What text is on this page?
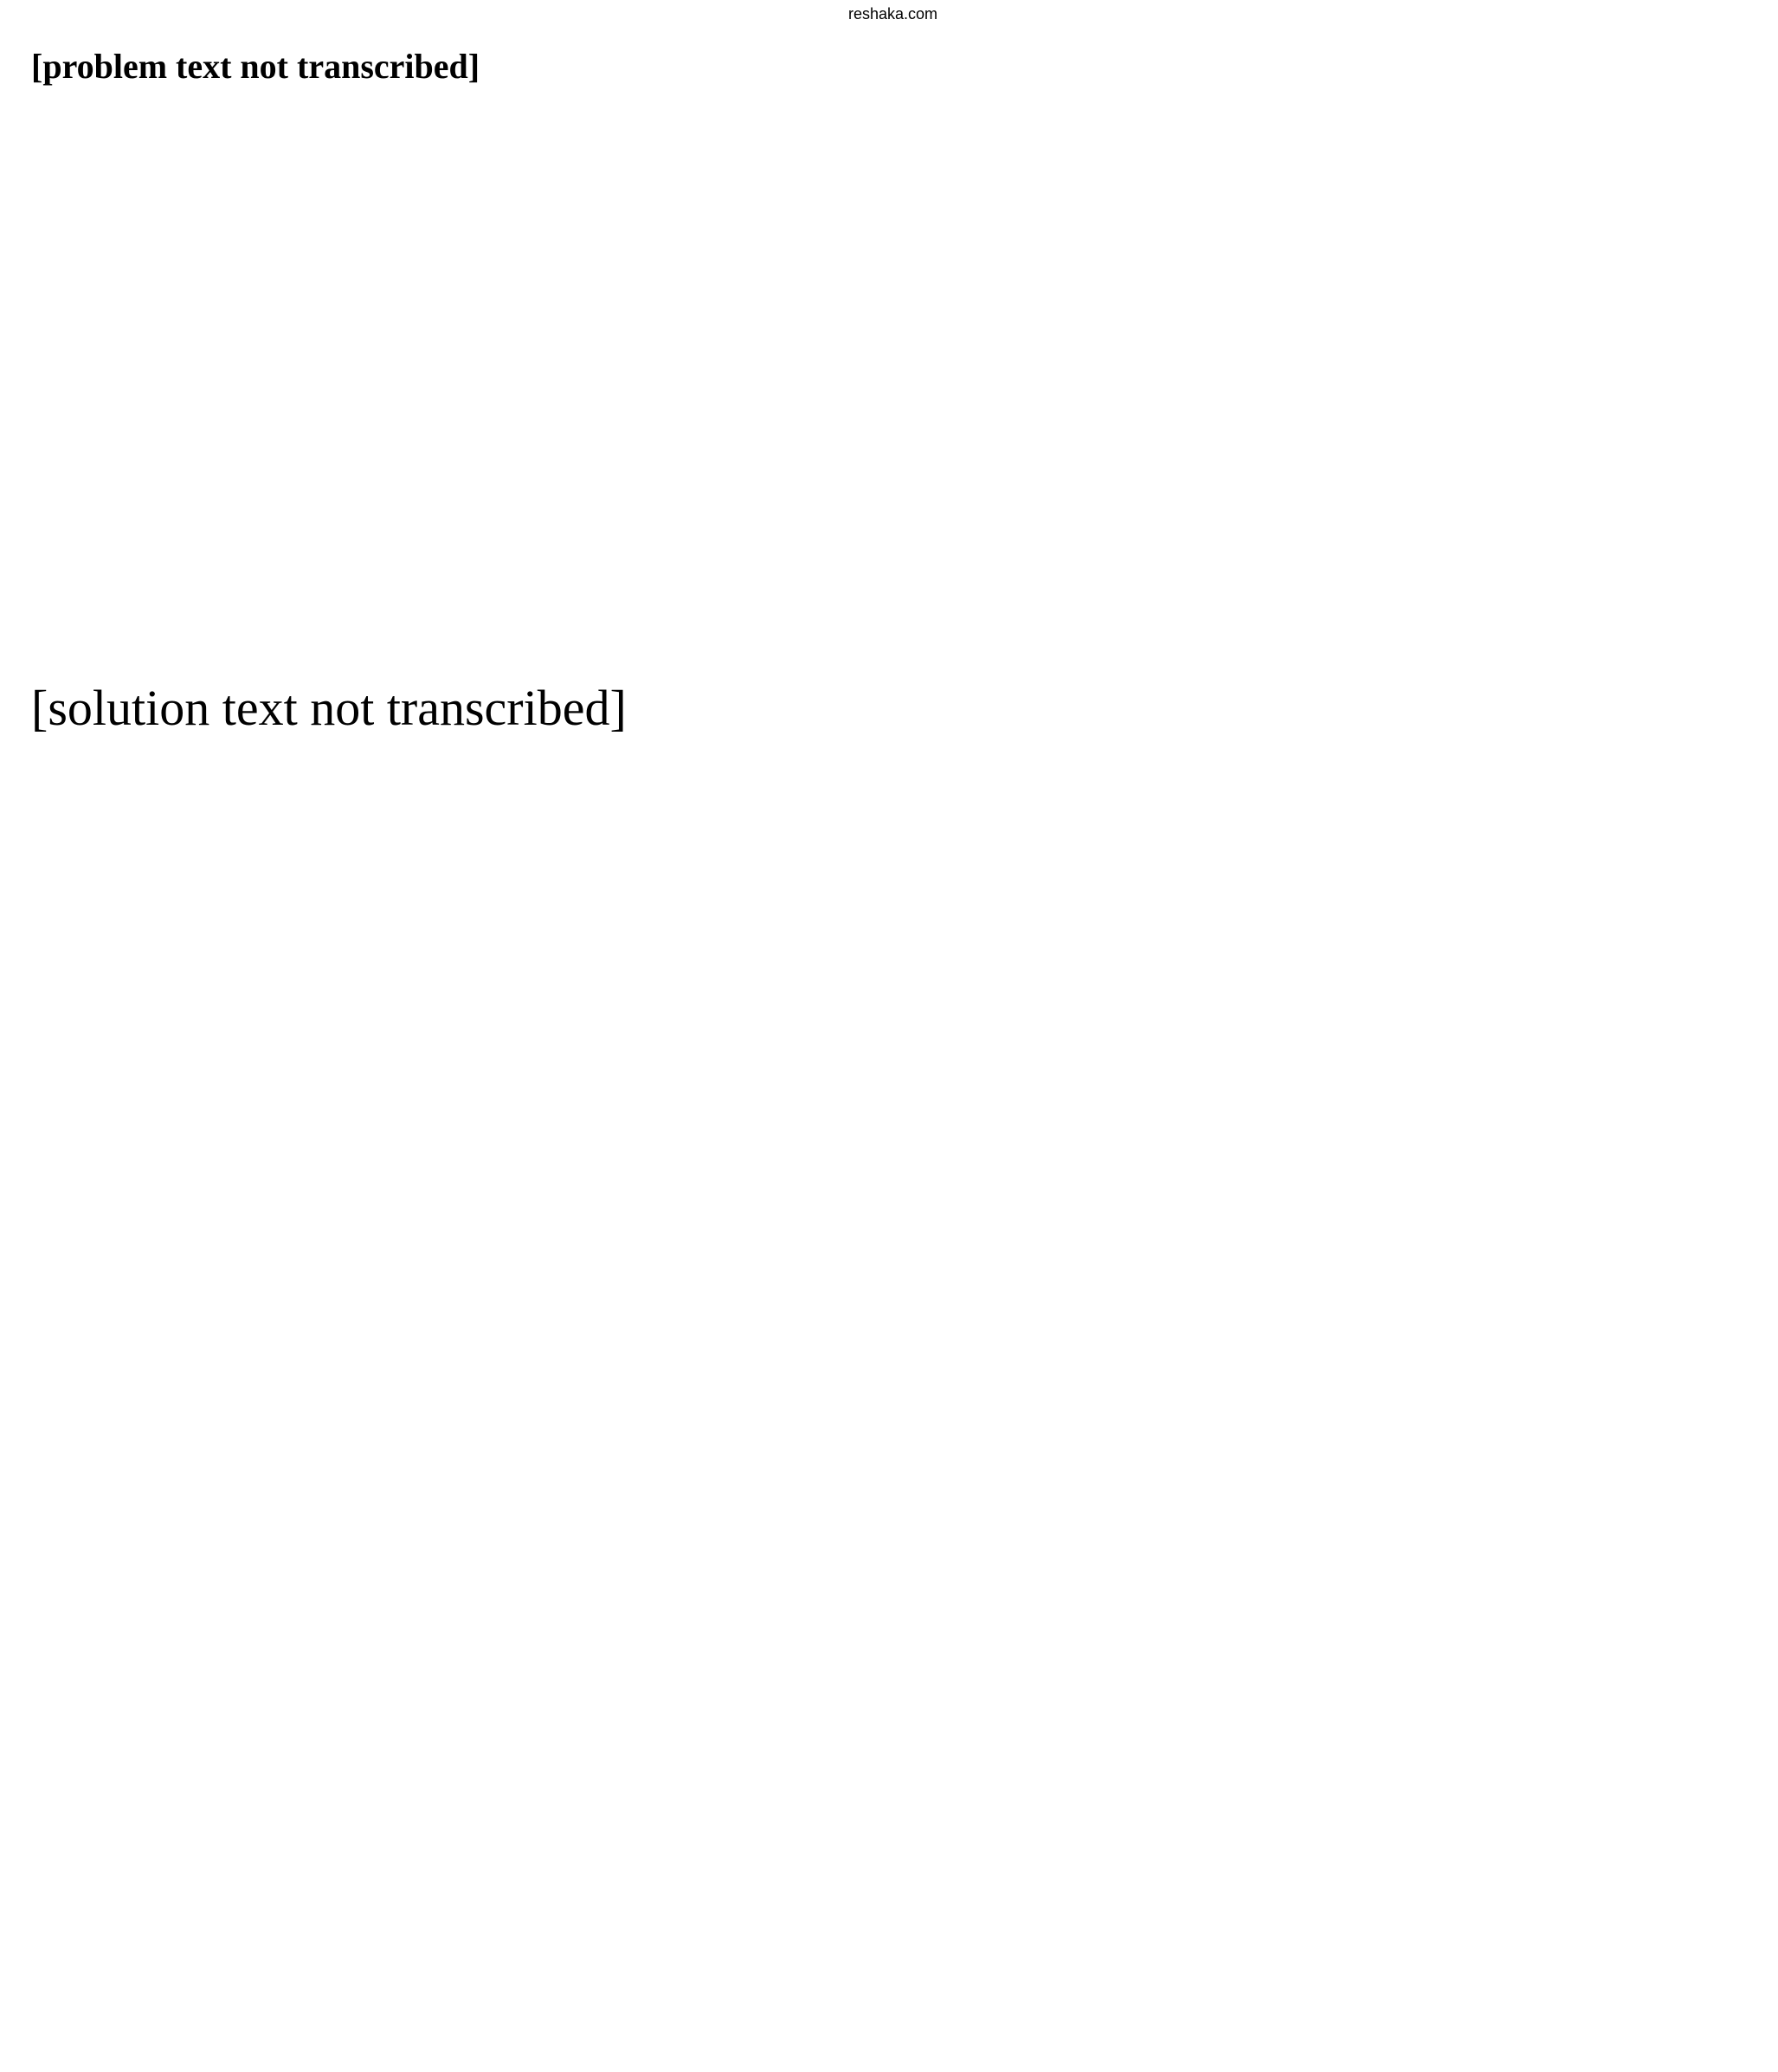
reshaka.com

[problem text not transcribed]

[solution text not transcribed]
